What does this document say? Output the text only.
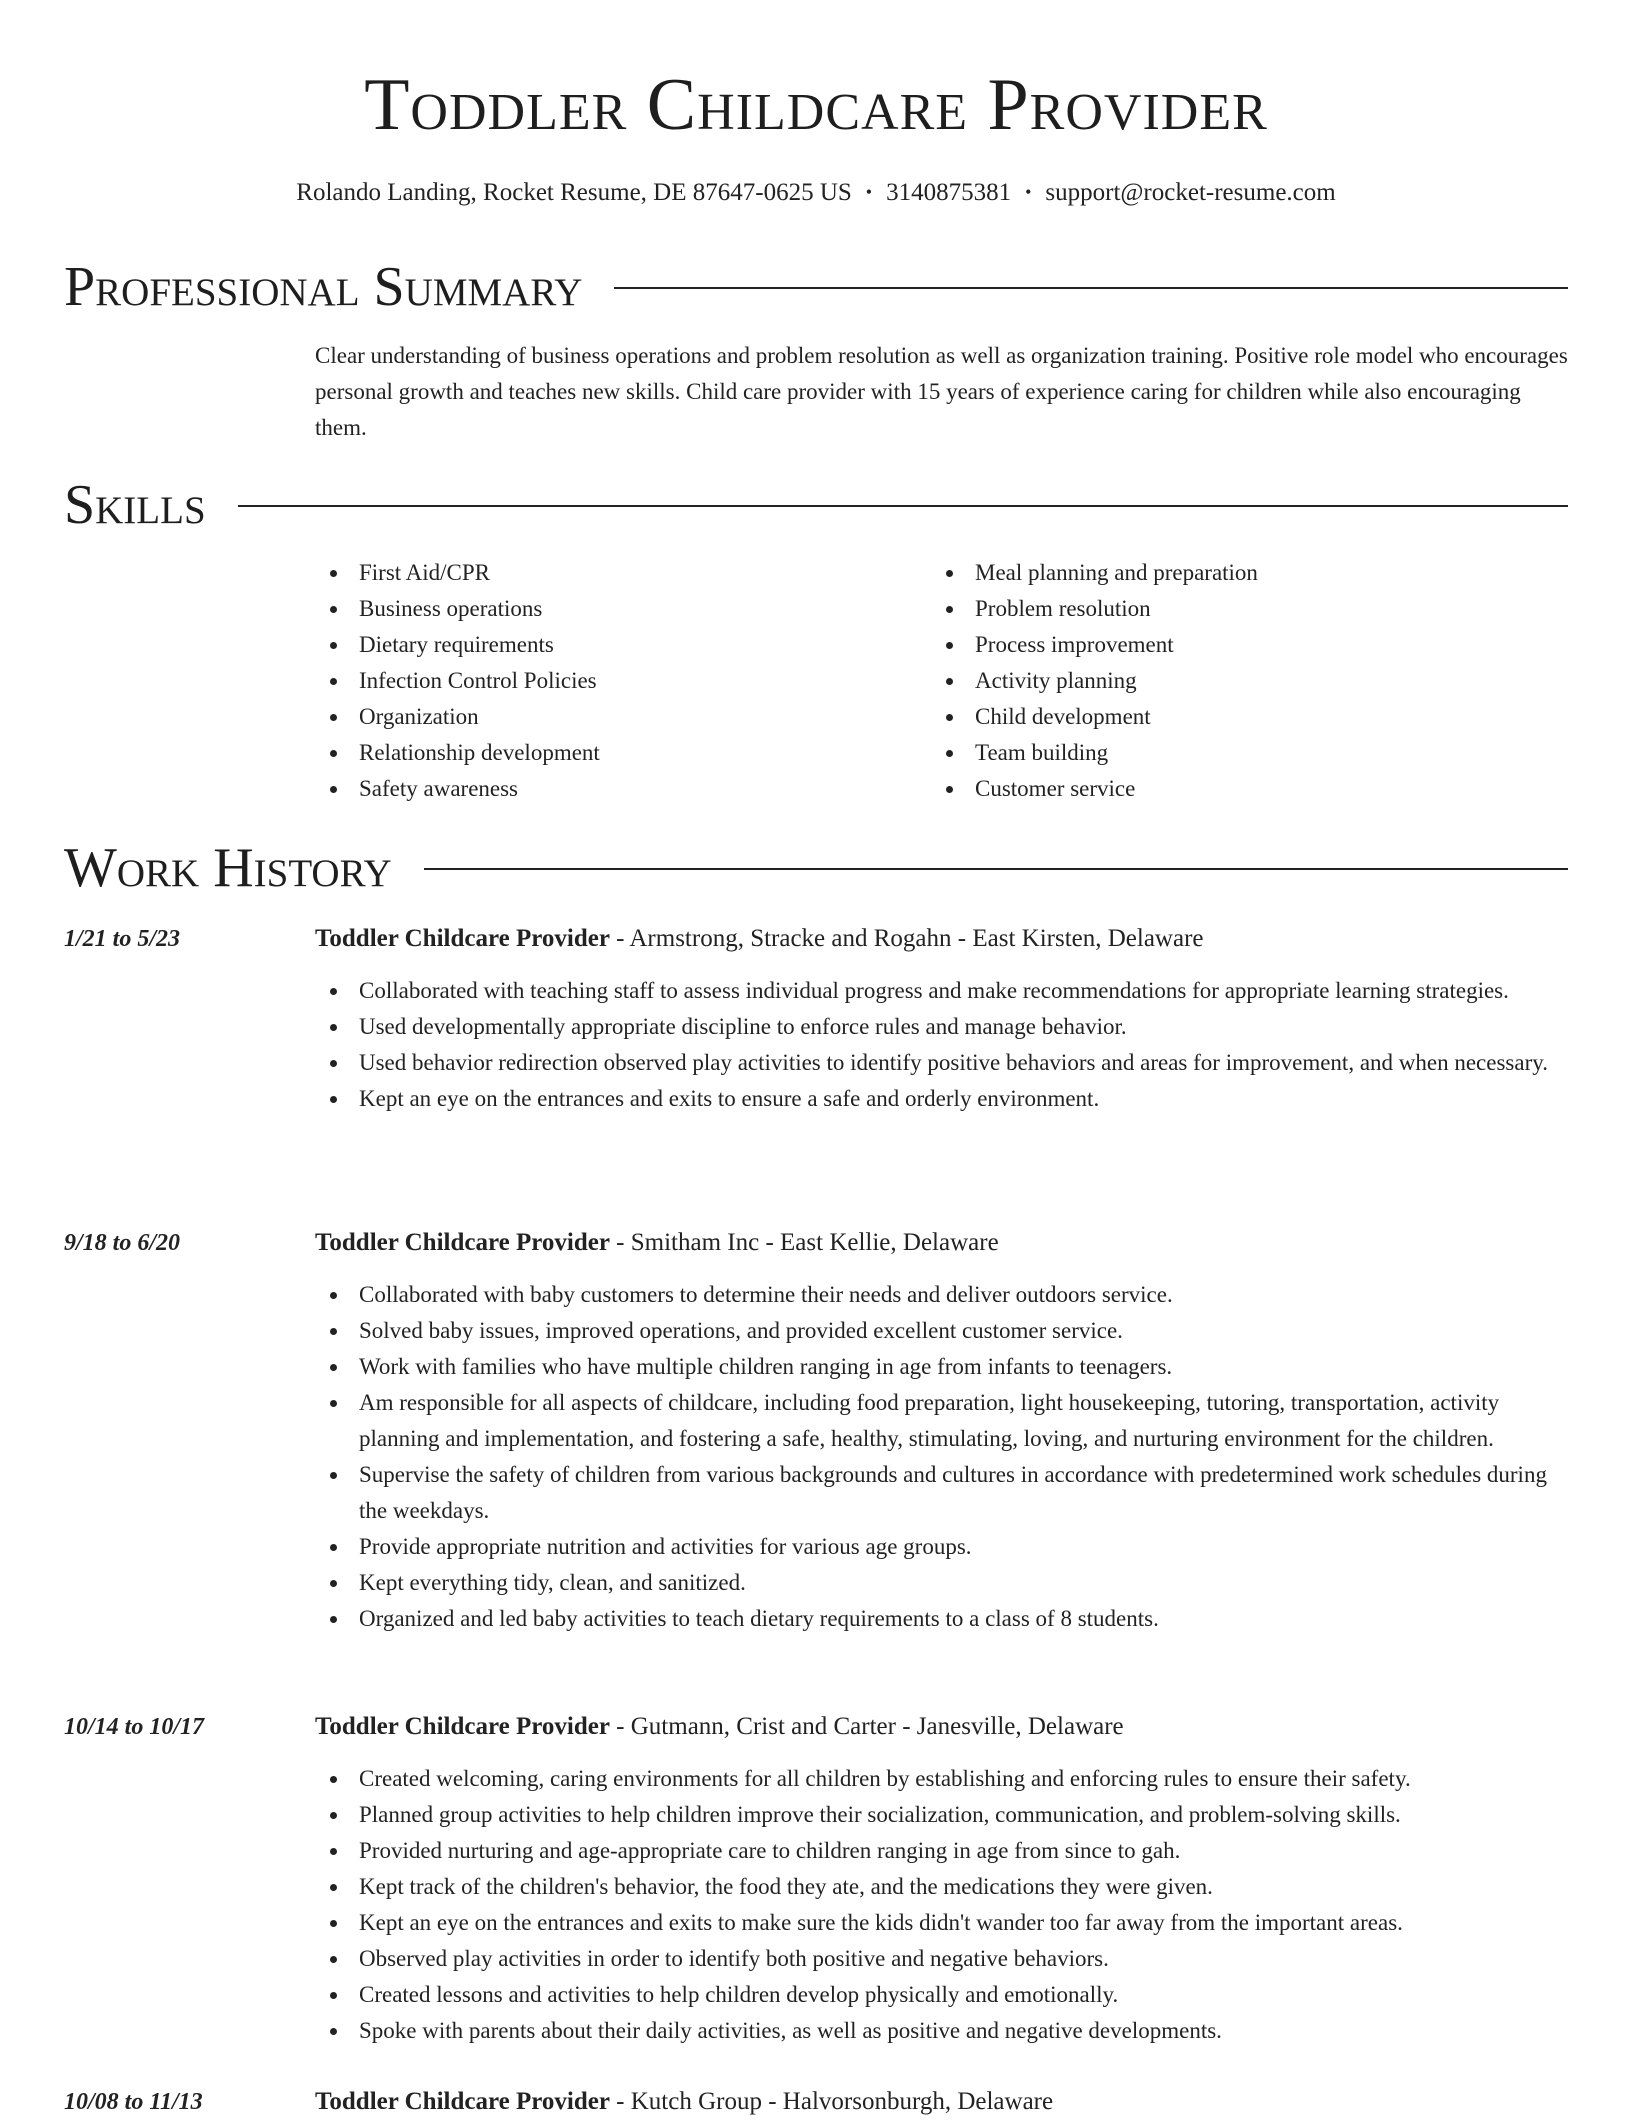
Toddler Childcare Provider
Rolando Landing, Rocket Resume, DE 87647-0625 US • 3140875381 • support@rocket-resume.com
Professional Summary
Clear understanding of business operations and problem resolution as well as organization training. Positive role model who encourages personal growth and teaches new skills. Child care provider with 15 years of experience caring for children while also encouraging them.
Skills
First Aid/CPR
Business operations
Dietary requirements
Infection Control Policies
Organization
Relationship development
Safety awareness
Meal planning and preparation
Problem resolution
Process improvement
Activity planning
Child development
Team building
Customer service
Work History
1/21 to 5/23	Toddler Childcare Provider - Armstrong, Stracke and Rogahn - East Kirsten, Delaware
Collaborated with teaching staff to assess individual progress and make recommendations for appropriate learning strategies.
Used developmentally appropriate discipline to enforce rules and manage behavior.
Used behavior redirection observed play activities to identify positive behaviors and areas for improvement, and when necessary.
Kept an eye on the entrances and exits to ensure a safe and orderly environment.
9/18 to 6/20	Toddler Childcare Provider - Smitham Inc - East Kellie, Delaware
Collaborated with baby customers to determine their needs and deliver outdoors service.
Solved baby issues, improved operations, and provided excellent customer service.
Work with families who have multiple children ranging in age from infants to teenagers.
Am responsible for all aspects of childcare, including food preparation, light housekeeping, tutoring, transportation, activity planning and implementation, and fostering a safe, healthy, stimulating, loving, and nurturing environment for the children.
Supervise the safety of children from various backgrounds and cultures in accordance with predetermined work schedules during the weekdays.
Provide appropriate nutrition and activities for various age groups.
Kept everything tidy, clean, and sanitized.
Organized and led baby activities to teach dietary requirements to a class of 8 students.
10/14 to 10/17	Toddler Childcare Provider - Gutmann, Crist and Carter - Janesville, Delaware
Created welcoming, caring environments for all children by establishing and enforcing rules to ensure their safety.
Planned group activities to help children improve their socialization, communication, and problem-solving skills.
Provided nurturing and age-appropriate care to children ranging in age from since to gah.
Kept track of the children's behavior, the food they ate, and the medications they were given.
Kept an eye on the entrances and exits to make sure the kids didn't wander too far away from the important areas.
Observed play activities in order to identify both positive and negative behaviors.
Created lessons and activities to help children develop physically and emotionally.
Spoke with parents about their daily activities, as well as positive and negative developments.
10/08 to 11/13	Toddler Childcare Provider - Kutch Group - Halvorsonburgh, Delaware
